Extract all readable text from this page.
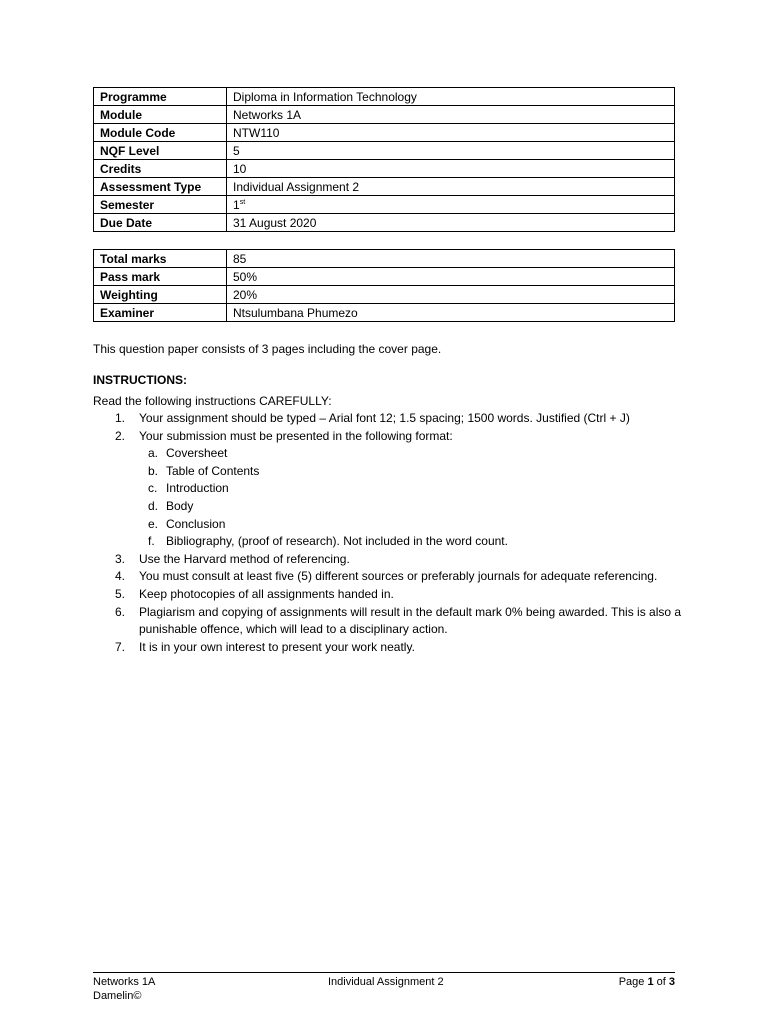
Programme	Diploma in Information Technology
Module	Networks 1A
Module Code	NTW110
NQF Level	5
Credits	10
Assessment Type	Individual Assignment 2
Semester	1st
Due Date	31 August 2020
Total marks	85
Pass mark	50%
Weighting	20%
Examiner	Ntsulumbana Phumezo
This question paper consists of 3 pages including the cover page.
INSTRUCTIONS:
Read the following instructions CAREFULLY:
1. Your assignment should be typed – Arial font 12; 1.5 spacing; 1500 words. Justified (Ctrl + J)
2. Your submission must be presented in the following format:
a. Coversheet
b. Table of Contents
c. Introduction
d. Body
e. Conclusion
f. Bibliography, (proof of research). Not included in the word count.
3. Use the Harvard method of referencing.
4. You must consult at least five (5) different sources or preferably journals for adequate referencing.
5. Keep photocopies of all assignments handed in.
6. Plagiarism and copying of assignments will result in the default mark 0% being awarded. This is also a
punishable offence, which will lead to a disciplinary action.
7. It is in your own interest to present your work neatly.
Networks 1A
Damelin©
Individual Assignment 2	Page 1 of 3
